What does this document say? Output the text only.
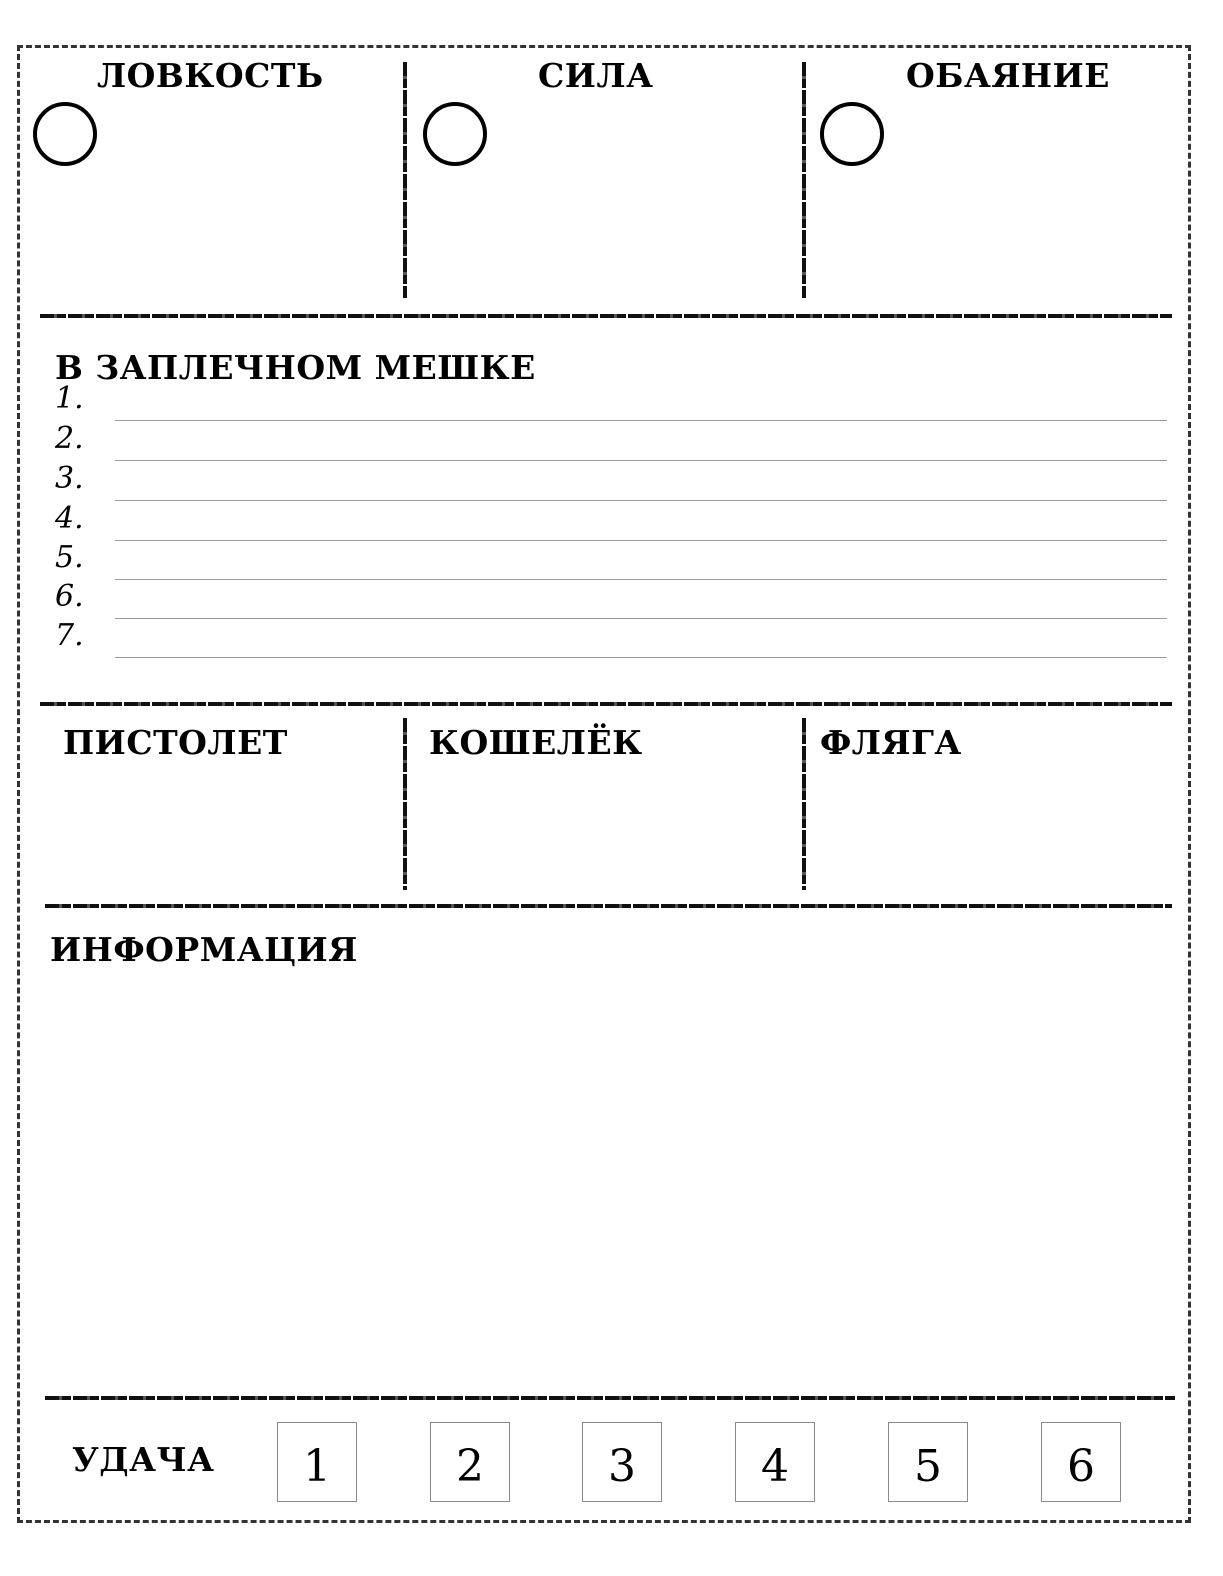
ЛОВКОСТЬ	СИЛА	ОБАЯНИЕ
В ЗАПЛЕЧНОМ МЕШКЕ
1.
2.
3.
4.
5.
6.
7.
ПИСТОЛЕТ	КОШЕЛЁК	ФЛЯГА
ИНФОРМАЦИЯ
УДАЧА 1	2	3	4	5	6
